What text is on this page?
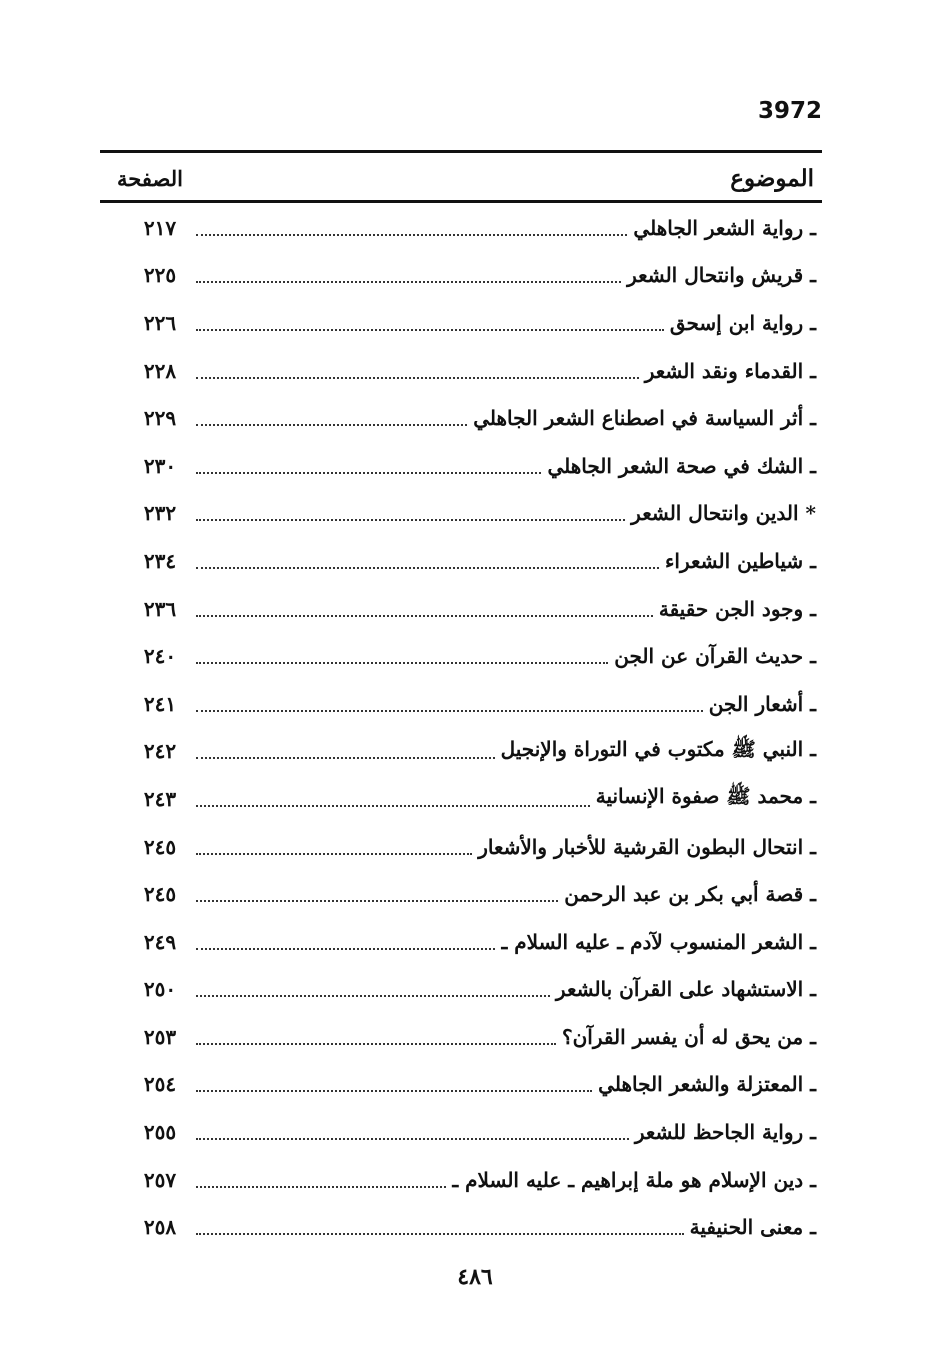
3972
الموضوع
الصفحة
ـ رواية الشعر الجاهلي
٢١٧
ـ قريش وانتحال الشعر
٢٢٥
ـ رواية ابن إسحق
٢٢٦
ـ القدماء ونقد الشعر
٢٢٨
ـ أثر السياسة في اصطناع الشعر الجاهلي
٢٢٩
ـ الشك في صحة الشعر الجاهلي
٢٣٠
* الدين وانتحال الشعر
٢٣٢
ـ شياطين الشعراء
٢٣٤
ـ وجود الجن حقيقة
٢٣٦
ـ حديث القرآن عن الجن
٢٤٠
ـ أشعار الجن
٢٤١
ـ النبي ﷺ مكتوب في التوراة والإنجيل
٢٤٢
ـ محمد ﷺ صفوة الإنسانية
٢٤٣
ـ انتحال البطون القرشية للأخبار والأشعار
٢٤٥
ـ قصة أبي بكر بن عبد الرحمن
٢٤٥
ـ الشعر المنسوب لآدم ـ عليه السلام ـ
٢٤٩
ـ الاستشهاد على القرآن بالشعر
٢٥٠
ـ من يحق له أن يفسر القرآن؟
٢٥٣
ـ المعتزلة والشعر الجاهلي
٢٥٤
ـ رواية الجاحظ للشعر
٢٥٥
ـ دين الإسلام هو ملة إبراهيم ـ عليه السلام ـ
٢٥٧
ـ معنى الحنيفية
٢٥٨
٤٨٦
